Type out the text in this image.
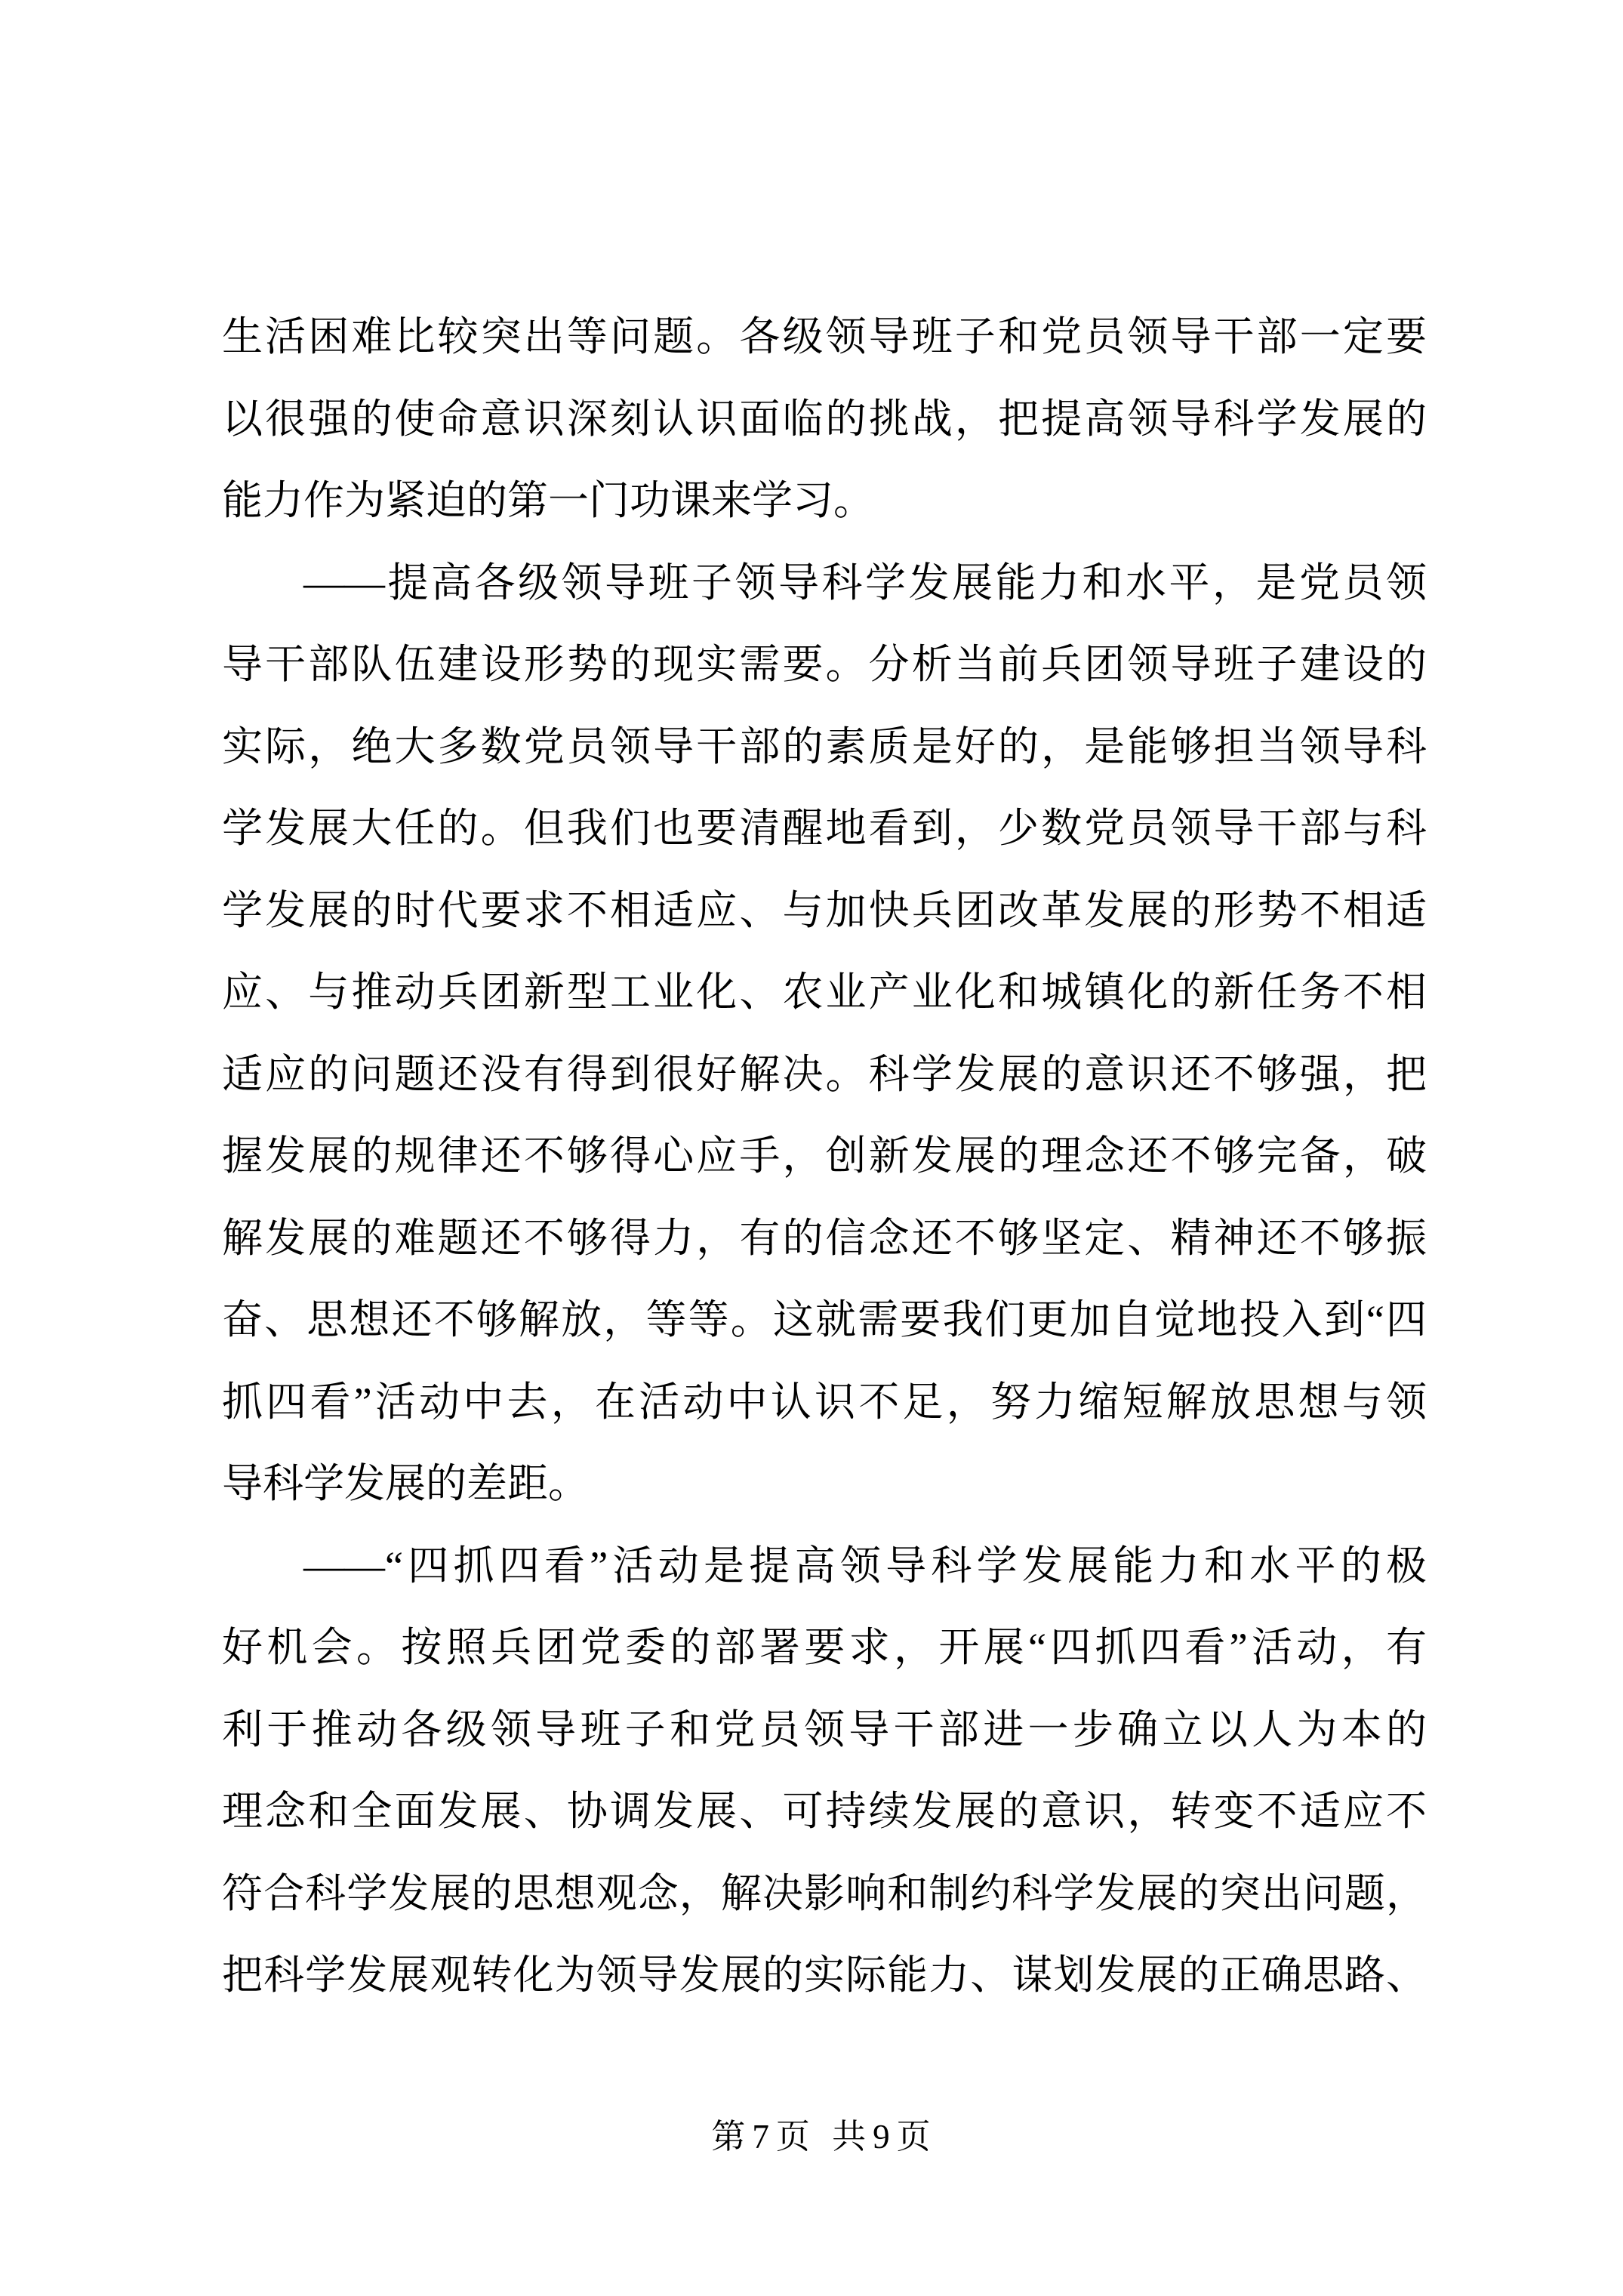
生活困难比较突出等问题。各级领导班子和党员领导干部一定要
以很强的使命意识深刻认识面临的挑战，把提高领导科学发展的
能力作为紧迫的第一门功课来学习。
——提高各级领导班子领导科学发展能力和水平，是党员领
导干部队伍建设形势的现实需要。分析当前兵团领导班子建设的
实际，绝大多数党员领导干部的素质是好的，是能够担当领导科
学发展大任的。但我们也要清醒地看到，少数党员领导干部与科
学发展的时代要求不相适应、与加快兵团改革发展的形势不相适
应、与推动兵团新型工业化、农业产业化和城镇化的新任务不相
适应的问题还没有得到很好解决。科学发展的意识还不够强，把
握发展的规律还不够得心应手，创新发展的理念还不够完备，破
解发展的难题还不够得力，有的信念还不够坚定、精神还不够振
奋、思想还不够解放，等等。这就需要我们更加自觉地投入到“四
抓四看”活动中去，在活动中认识不足，努力缩短解放思想与领
导科学发展的差距。
——“四抓四看”活动是提高领导科学发展能力和水平的极
好机会。按照兵团党委的部署要求，开展“四抓四看”活动，有
利于推动各级领导班子和党员领导干部进一步确立以人为本的
理念和全面发展、协调发展、可持续发展的意识，转变不适应不
符合科学发展的思想观念，解决影响和制约科学发展的突出问题，
把科学发展观转化为领导发展的实际能力、谋划发展的正确思路、
第7页 共9页
